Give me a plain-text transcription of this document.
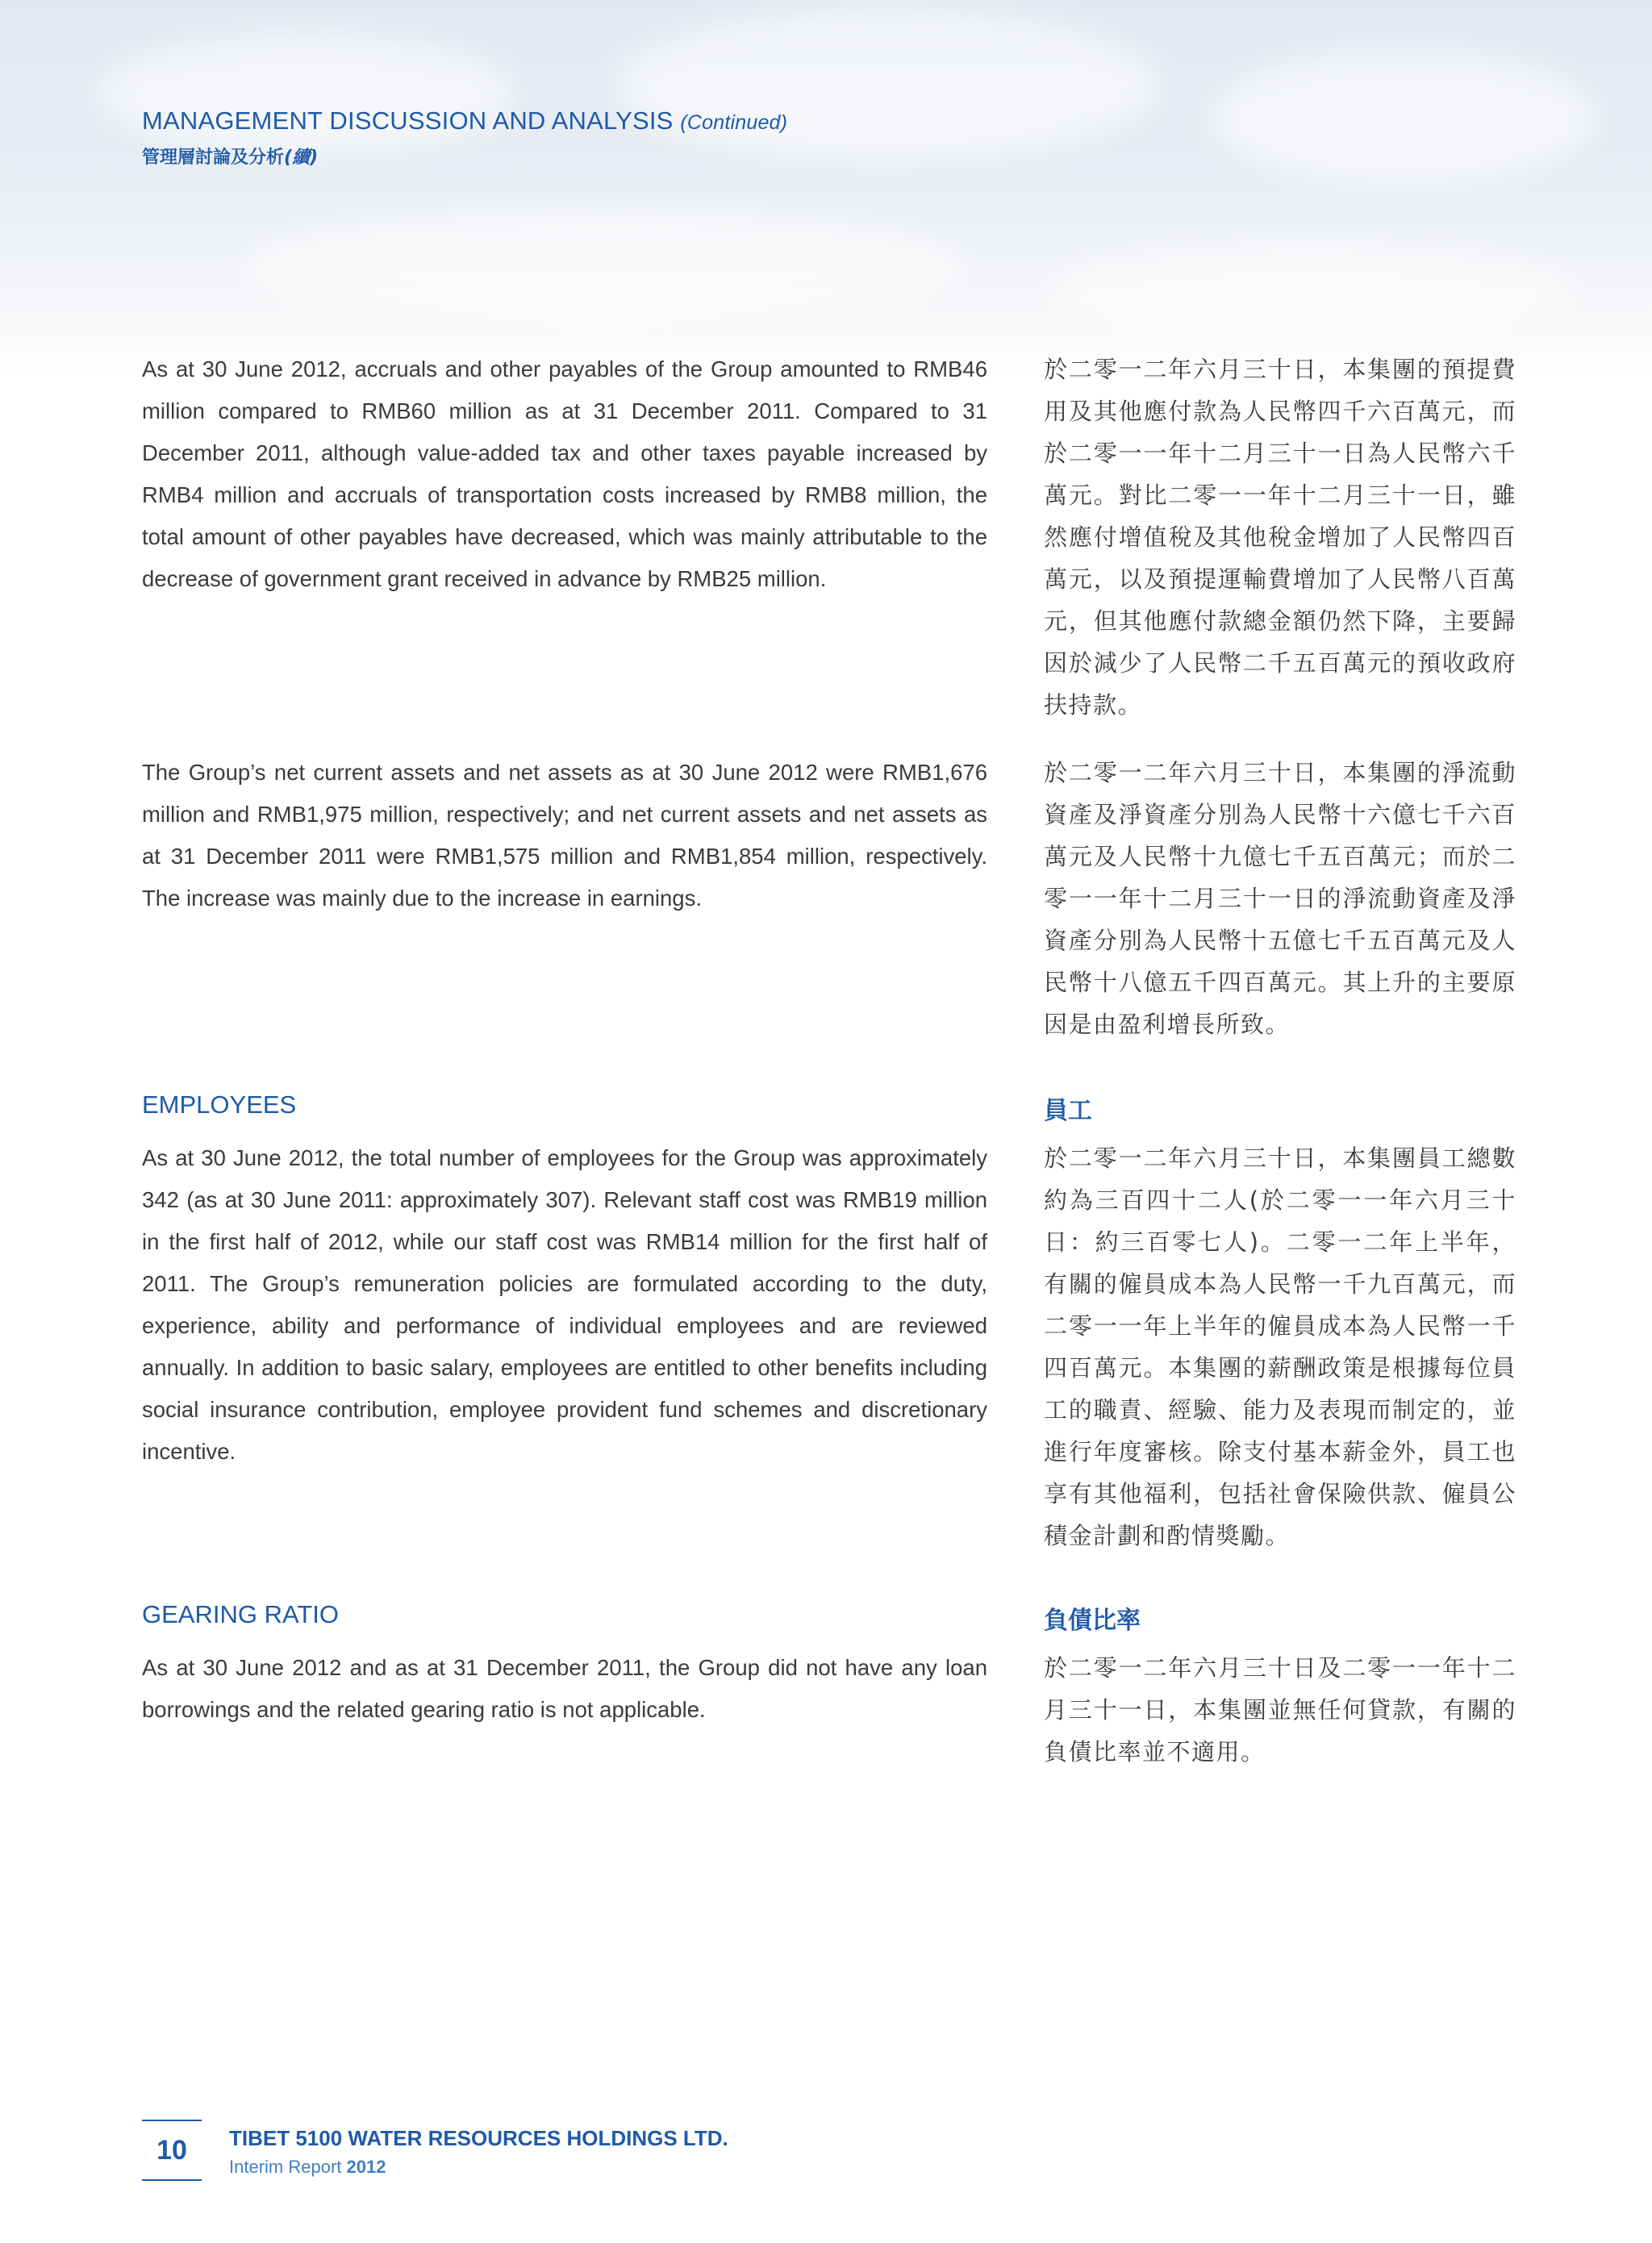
MANAGEMENT DISCUSSION AND ANALYSIS (Continued)
管理層討論及分析(續)

As at 30 June 2012, accruals and other payables of the Group amounted to RMB46 million compared to RMB60 million as at 31 December 2011. Compared to 31 December 2011, although value-added tax and other taxes payable increased by RMB4 million and accruals of transportation costs increased by RMB8 million, the total amount of other payables have decreased, which was mainly attributable to the decrease of government grant received in advance by RMB25 million.

於二零一二年六月三十日，本集團的預提費用及其他應付款為人民幣四千六百萬元，而於二零一一年十二月三十一日為人民幣六千萬元。對比二零一一年十二月三十一日，雖然應付增值稅及其他稅金增加了人民幣四百萬元，以及預提運輸費增加了人民幣八百萬元，但其他應付款總金額仍然下降，主要歸因於減少了人民幣二千五百萬元的預收政府扶持款。

The Group’s net current assets and net assets as at 30 June 2012 were RMB1,676 million and RMB1,975 million, respectively; and net current assets and net assets as at 31 December 2011 were RMB1,575 million and RMB1,854 million, respectively. The increase was mainly due to the increase in earnings.

於二零一二年六月三十日，本集團的淨流動資產及淨資產分別為人民幣十六億七千六百萬元及人民幣十九億七千五百萬元；而於二零一一年十二月三十一日的淨流動資產及淨資產分別為人民幣十五億七千五百萬元及人民幣十八億五千四百萬元。其上升的主要原因是由盈利增長所致。

EMPLOYEES	員工

As at 30 June 2012, the total number of employees for the Group was approximately 342 (as at 30 June 2011: approximately 307). Relevant staff cost was RMB19 million in the first half of 2012, while our staff cost was RMB14 million for the first half of 2011. The Group’s remuneration policies are formulated according to the duty, experience, ability and performance of individual employees and are reviewed annually. In addition to basic salary, employees are entitled to other benefits including social insurance contribution, employee provident fund schemes and discretionary incentive.

於二零一二年六月三十日，本集團員工總數約為三百四十二人(於二零一一年六月三十日：約三百零七人)。二零一二年上半年，有關的僱員成本為人民幣一千九百萬元，而二零一一年上半年的僱員成本為人民幣一千四百萬元。本集團的薪酬政策是根據每位員工的職責、經驗、能力及表現而制定的，並進行年度審核。除支付基本薪金外，員工也享有其他福利，包括社會保險供款、僱員公積金計劃和酌情獎勵。

GEARING RATIO	負債比率

As at 30 June 2012 and as at 31 December 2011, the Group did not have any loan borrowings and the related gearing ratio is not applicable.

於二零一二年六月三十日及二零一一年十二月三十一日，本集團並無任何貸款，有關的負債比率並不適用。

10	TIBET 5100 WATER RESOURCES HOLDINGS LTD.
Interim Report 2012
